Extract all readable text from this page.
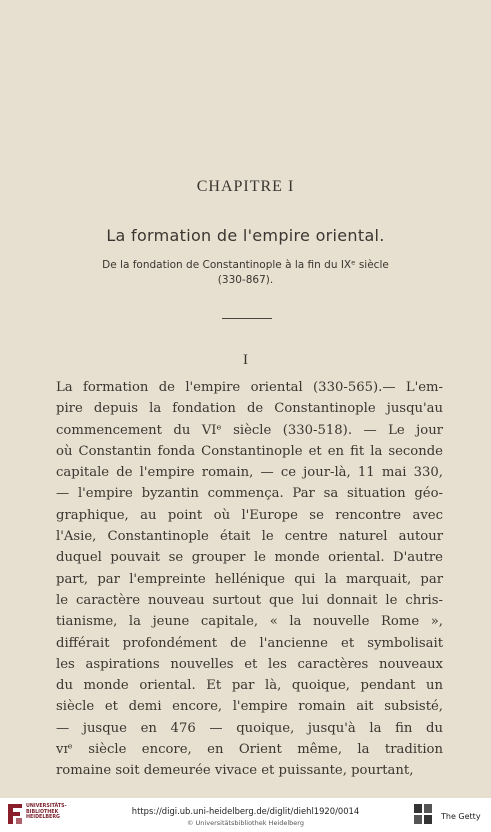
CHAPITRE I
La formation de l'empire oriental.
De la fondation de Constantinople à la fin du IXᵉ siècle
(330-867).
I
La formation de l'empire oriental (330-565).— L'em-
pire depuis la fondation de Constantinople jusqu'au
commencement du VIᵉ siècle (330-518). — Le jour
où Constantin fonda Constantinople et en fit la seconde
capitale de l'empire romain, — ce jour-là, 11 mai 330,
— l'empire byzantin commença. Par sa situation géo-
graphique, au point où l'Europe se rencontre avec
l'Asie, Constantinople était le centre naturel autour
duquel pouvait se grouper le monde oriental. D'autre
part, par l'empreinte hellénique qui la marquait, par
le caractère nouveau surtout que lui donnait le chris-
tianisme, la jeune capitale, « la nouvelle Rome »,
différait profondément de l'ancienne et symbolisait
les aspirations nouvelles et les caractères nouveaux
du monde oriental. Et par là, quoique, pendant un
siècle et demi encore, l'empire romain ait subsisté,
— jusque en 476 — quoique, jusqu'à la fin du
vɪᵉ siècle encore, en Orient même, la tradition
romaine soit demeurée vivace et puissante, pourtant,
UNIVERSITÄTS-
BIBLIOTHEK
HEIDELBERG
https://digi.ub.uni-heidelberg.de/diglit/diehl1920/0014
© Universitätsbibliothek Heidelberg
The Getty
